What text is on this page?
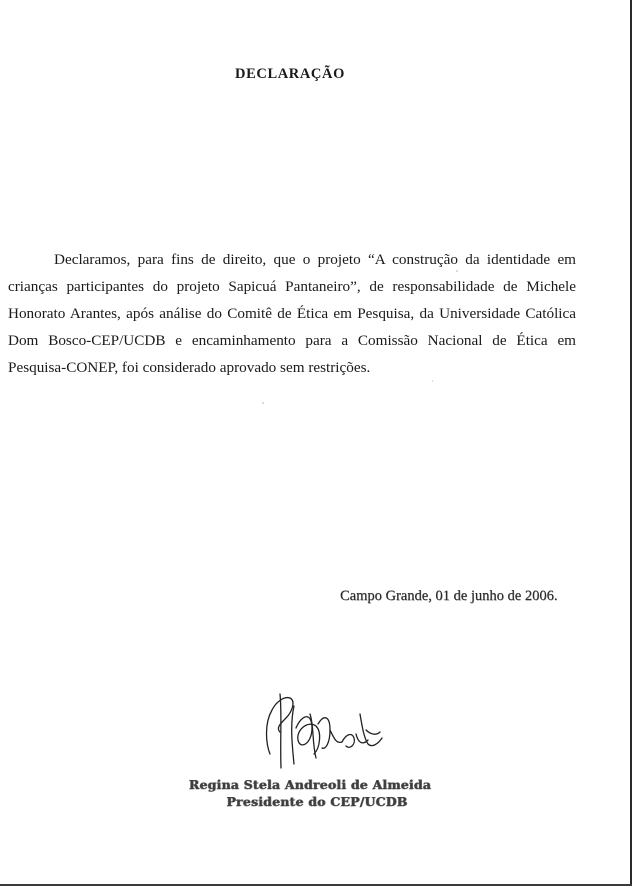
DECLARAÇÃO

Declaramos, para fins de direito, que o projeto “A construção da identidade em crianças participantes do projeto Sapicuá Pantaneiro”, de responsabilidade de Michele Honorato Arantes, após análise do Comitê de Ética em Pesquisa, da Universidade Católica Dom Bosco-CEP/UCDB e encaminhamento para a Comissão Nacional de Ética em Pesquisa-CONEP, foi considerado aprovado sem restrições.

Campo Grande, 01 de junho de 2006.
Regina Stela Andreoli de Almeida
Presidente do CEP/UCDB
